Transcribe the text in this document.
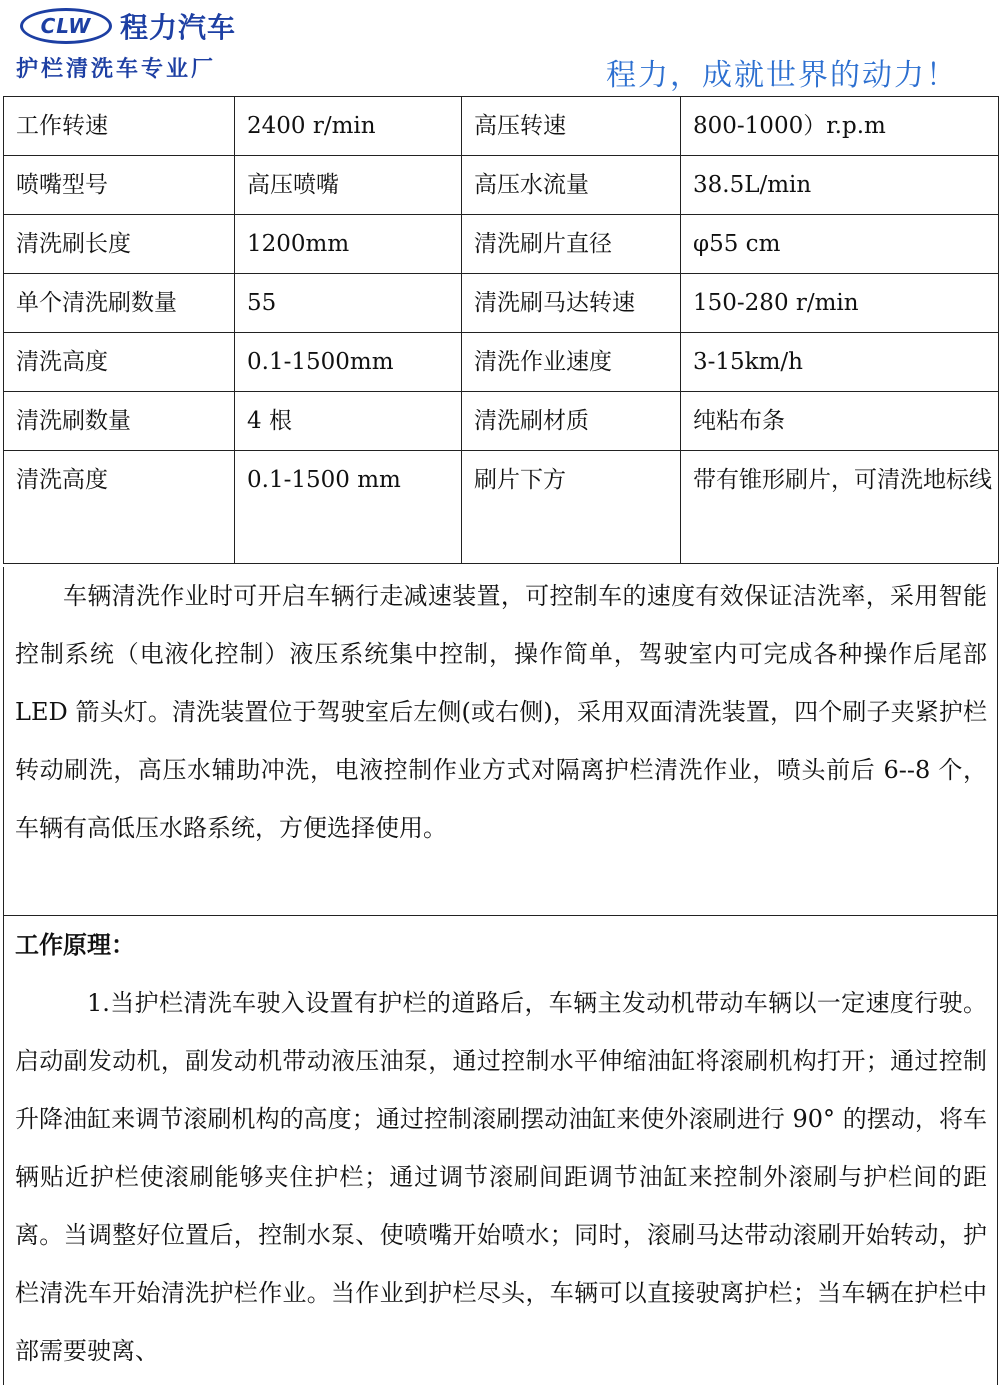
CLW	程力汽车
护栏清洗车专业厂	程力，成就世界的动力！
工作转速	2400 r/min	高压转速	800-1000）r.p.m
喷嘴型号	高压喷嘴	高压水流量	38.5L/min
清洗刷长度	1200mm	清洗刷片直径	φ55 cm
单个清洗刷数量	55	清洗刷马达转速	150-280 r/min
清洗高度	0.1-1500mm	清洗作业速度	3-15km/h
清洗刷数量	4 根	清洗刷材质	纯粘布条
清洗高度	0.1-1500 mm	刷片下方	带有锥形刷片，可清洗地标线

车辆清洗作业时可开启车辆行走减速装置，可控制车的速度有效保证洁洗率，采用智能控制系统（电液化控制）液压系统集中控制，操作简单，驾驶室内可完成各种操作后尾部 LED 箭头灯。清洗装置位于驾驶室后左侧(或右侧)，采用双面清洗装置，四个刷子夹紧护栏转动刷洗，高压水辅助冲洗，电液控制作业方式对隔离护栏清洗作业，喷头前后 6--8 个，车辆有高低压水路系统，方便选择使用。

工作原理：

1.当护栏清洗车驶入设置有护栏的道路后，车辆主发动机带动车辆以一定速度行驶。启动副发动机，副发动机带动液压油泵，通过控制水平伸缩油缸将滚刷机构打开；通过控制升降油缸来调节滚刷机构的高度；通过控制滚刷摆动油缸来使外滚刷进行 90° 的摆动，将车辆贴近护栏使滚刷能够夹住护栏；通过调节滚刷间距调节油缸来控制外滚刷与护栏间的距离。当调整好位置后，控制水泵、使喷嘴开始喷水；同时，滚刷马达带动滚刷开始转动，护栏清洗车开始清洗护栏作业。当作业到护栏尽头，车辆可以直接驶离护栏；当车辆在护栏中部需要驶离、
